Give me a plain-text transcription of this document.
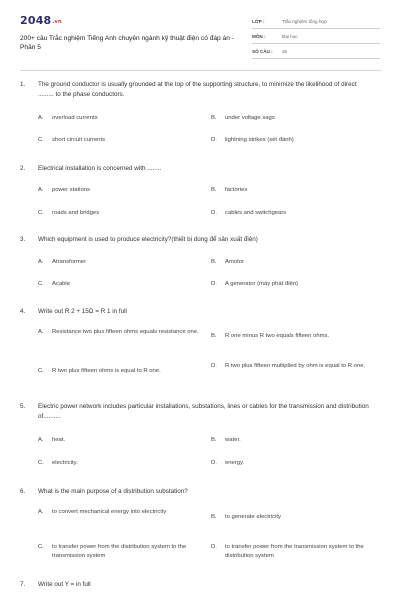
2048.vn
200+ câu Trắc nghiệm Tiếng Anh chuyên ngành kỹ thuật điện có đáp án - Phần 5
LỚP :	Trắc nghiệm tổng hợp
MÔN :	Đại học
SỐ CÂU :	25
1.	The ground conductor is usually grounded at the top of the supporting structure, to minimize the likelihood of direct ......... to the phase conductors.
A.	overload currents	B.	under voltage sags
C.	short circuit currents	D.	lightning strikes (sét đánh)
2.	Electrical installation is concerned with ........
A.	power stations	B.	factories
C.	roads and bridges	D.	cables and switchgears
3.	Which equipment is used to produce electricity?(thiết bị dùng để sản xuất điện)
A.	Atransformer	B.	Amotor
C.	Acable	D.	A generator (máy phát điện)
4.	Write out R 2 + 15Ω = R 1 in full
A.	Resistance two plus fifteen ohms equals resistance one.
B.	R one minus R two equals fifteen ohms.
C.	R two plus fifteen ohms is equal to R one.
D.	R two plus fifteen multiplied by ohm is equal to R one.
5.	Electric power network includes particular installations, substations, lines or cables for the transmission and distribution of..........
A.	heat.	B.	water.
C.	electricity.	D.	energy.
6.	What is the main purpose of a distribution substation?
A.	to convert mechanical energy into electricity
B.	to generate electricity
C.	to transfer power from the distribution system to the transmission system
D.	to transfer power from the transmission system to the distribution system
7.	Write out Y = in full
